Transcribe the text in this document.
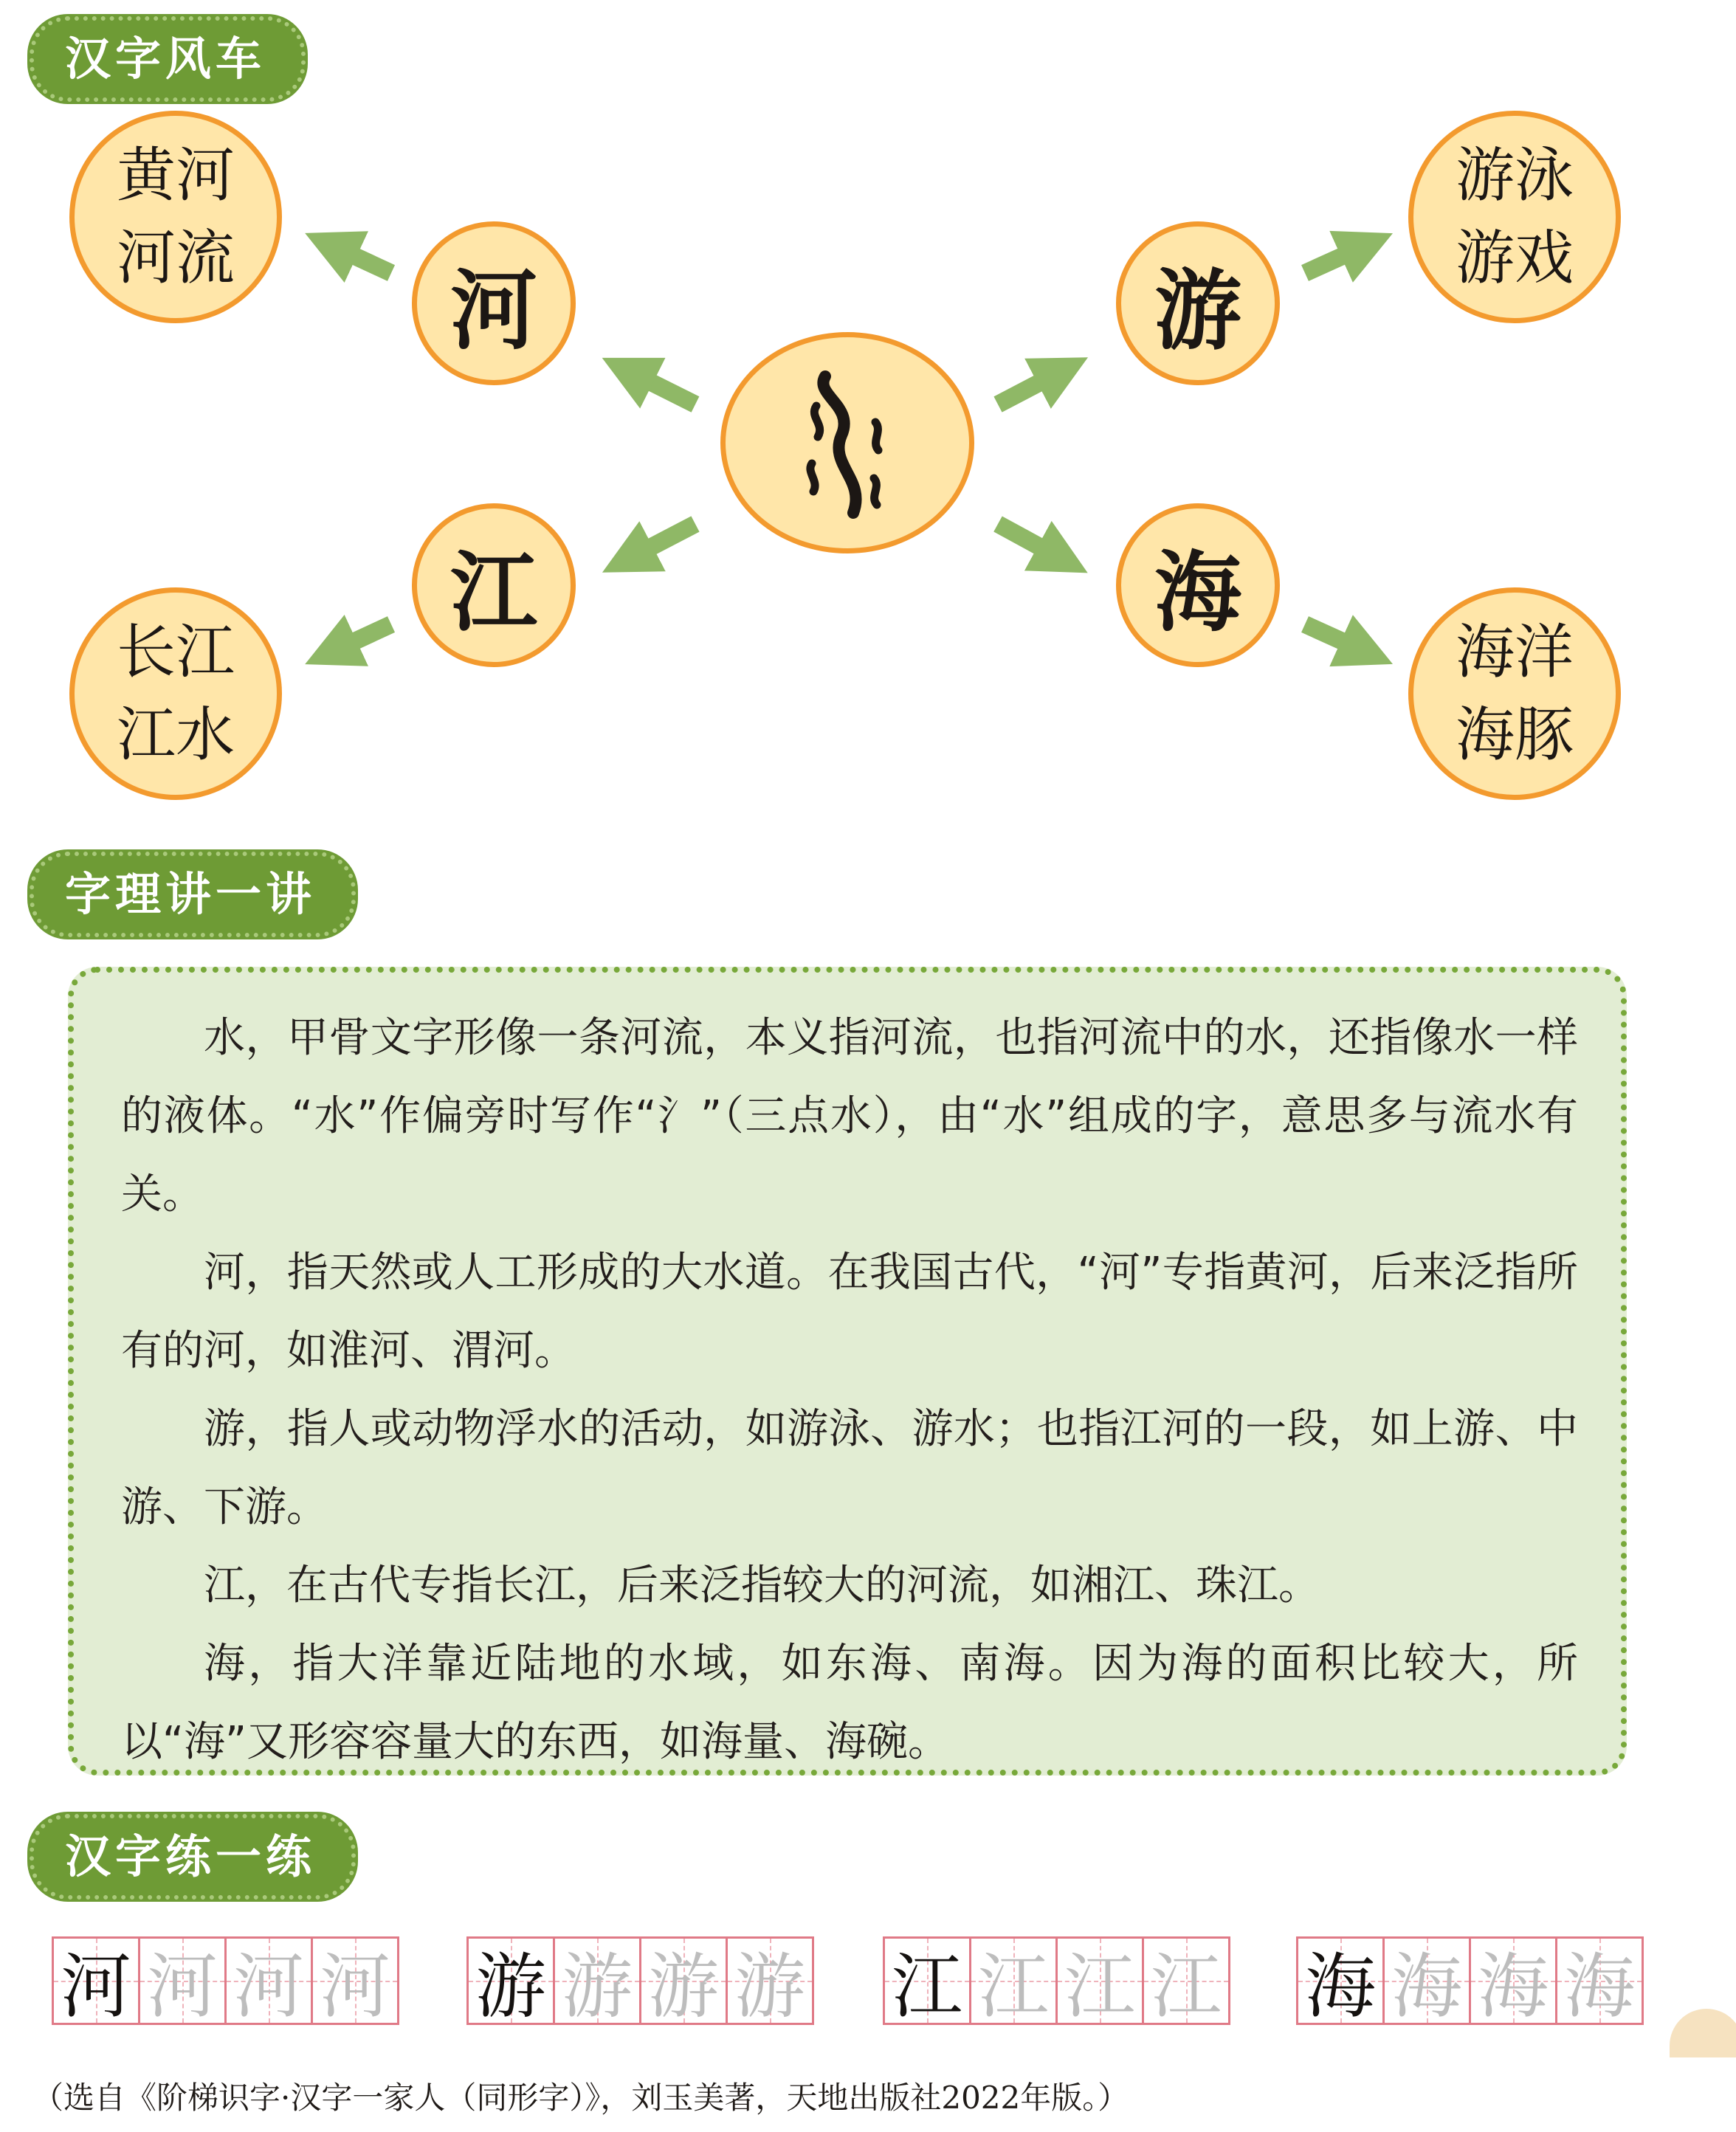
汉字风车
河	游
江	海
黄河
河流
游泳
游戏
长江
江水
海洋
海豚
字理讲一讲

水，甲骨文字形像一条河流，本义指河流，也指河流中的水，还指像水一样的液体。“水”作偏旁时写作“氵”（三点水），由“水”组成的字，意思多与流水有关。

河，指天然或人工形成的大水道。在我国古代，“河”专指黄河，后来泛指所有的河，如淮河、渭河。

游，指人或动物浮水的活动，如游泳、游水；也指江河的一段，如上游、中游、下游。

江，在古代专指长江，后来泛指较大的河流，如湘江、珠江。

海，指大洋靠近陆地的水域，如东海、南海。因为海的面积比较大，所以“海”又形容容量大的东西，如海量、海碗。

汉字练一练
河 河 河 河 游 游 游 游 江 江 江 江 海 海 海 海
（选自《阶梯识字·汉字一家人（同形字）》，刘玉美著，天地出版社2022年版。）
